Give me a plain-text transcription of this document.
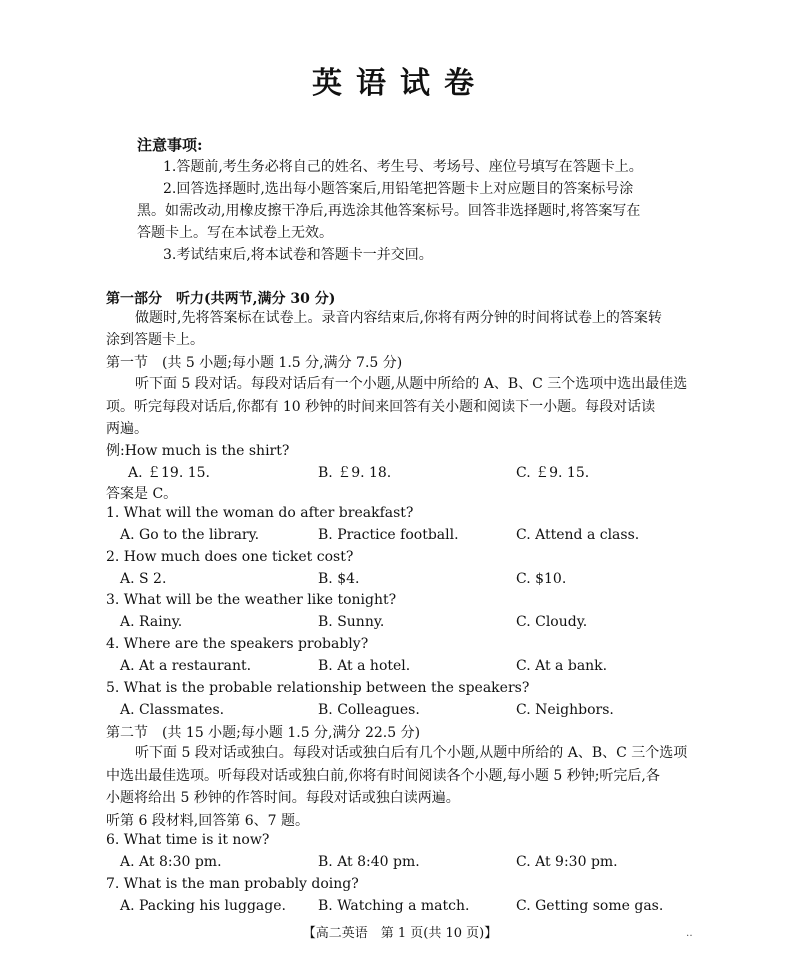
英语试卷
注意事项:
1.答题前,考生务必将自己的姓名、考生号、考场号、座位号填写在答题卡上。
2.回答选择题时,选出每小题答案后,用铅笔把答题卡上对应题目的答案标号涂
黑。如需改动,用橡皮擦干净后,再选涂其他答案标号。回答非选择题时,将答案写在
答题卡上。写在本试卷上无效。
3.考试结束后,将本试卷和答题卡一并交回。
第一部分　听力(共两节,满分 30 分)
做题时,先将答案标在试卷上。录音内容结束后,你将有两分钟的时间将试卷上的答案转
涂到答题卡上。
第一节　(共 5 小题;每小题 1.5 分,满分 7.5 分)
听下面 5 段对话。每段对话后有一个小题,从题中所给的 A、B、C 三个选项中选出最佳选
项。听完每段对话后,你都有 10 秒钟的时间来回答有关小题和阅读下一小题。每段对话读
两遍。
例:How much is the shirt?
A. ￡19. 15.	B. ￡9. 18.	C. ￡9. 15.
答案是 C。
1. What will the woman do after breakfast?
A. Go to the library.	B. Practice football.	C. Attend a class.
2. How much does one ticket cost?
A. S 2.	B. $4.	C. $10.
3. What will be the weather like tonight?
A. Rainy.	B. Sunny.	C. Cloudy.
4. Where are the speakers probably?
A. At a restaurant.	B. At a hotel.	C. At a bank.
5. What is the probable relationship between the speakers?
A. Classmates.	B. Colleagues.	C. Neighbors.
第二节　(共 15 小题;每小题 1.5 分,满分 22.5 分)
听下面 5 段对话或独白。每段对话或独白后有几个小题,从题中所给的 A、B、C 三个选项
中选出最佳选项。听每段对话或独白前,你将有时间阅读各个小题,每小题 5 秒钟;听完后,各
小题将给出 5 秒钟的作答时间。每段对话或独白读两遍。
听第 6 段材料,回答第 6、7 题。
6. What time is it now?
A. At 8:30 pm.	B. At 8:40 pm.	C. At 9:30 pm.
7. What is the man probably doing?
A. Packing his luggage. B. Watching a match.	C. Getting some gas.
【高二英语　第 1 页(共 10 页)】	‥
